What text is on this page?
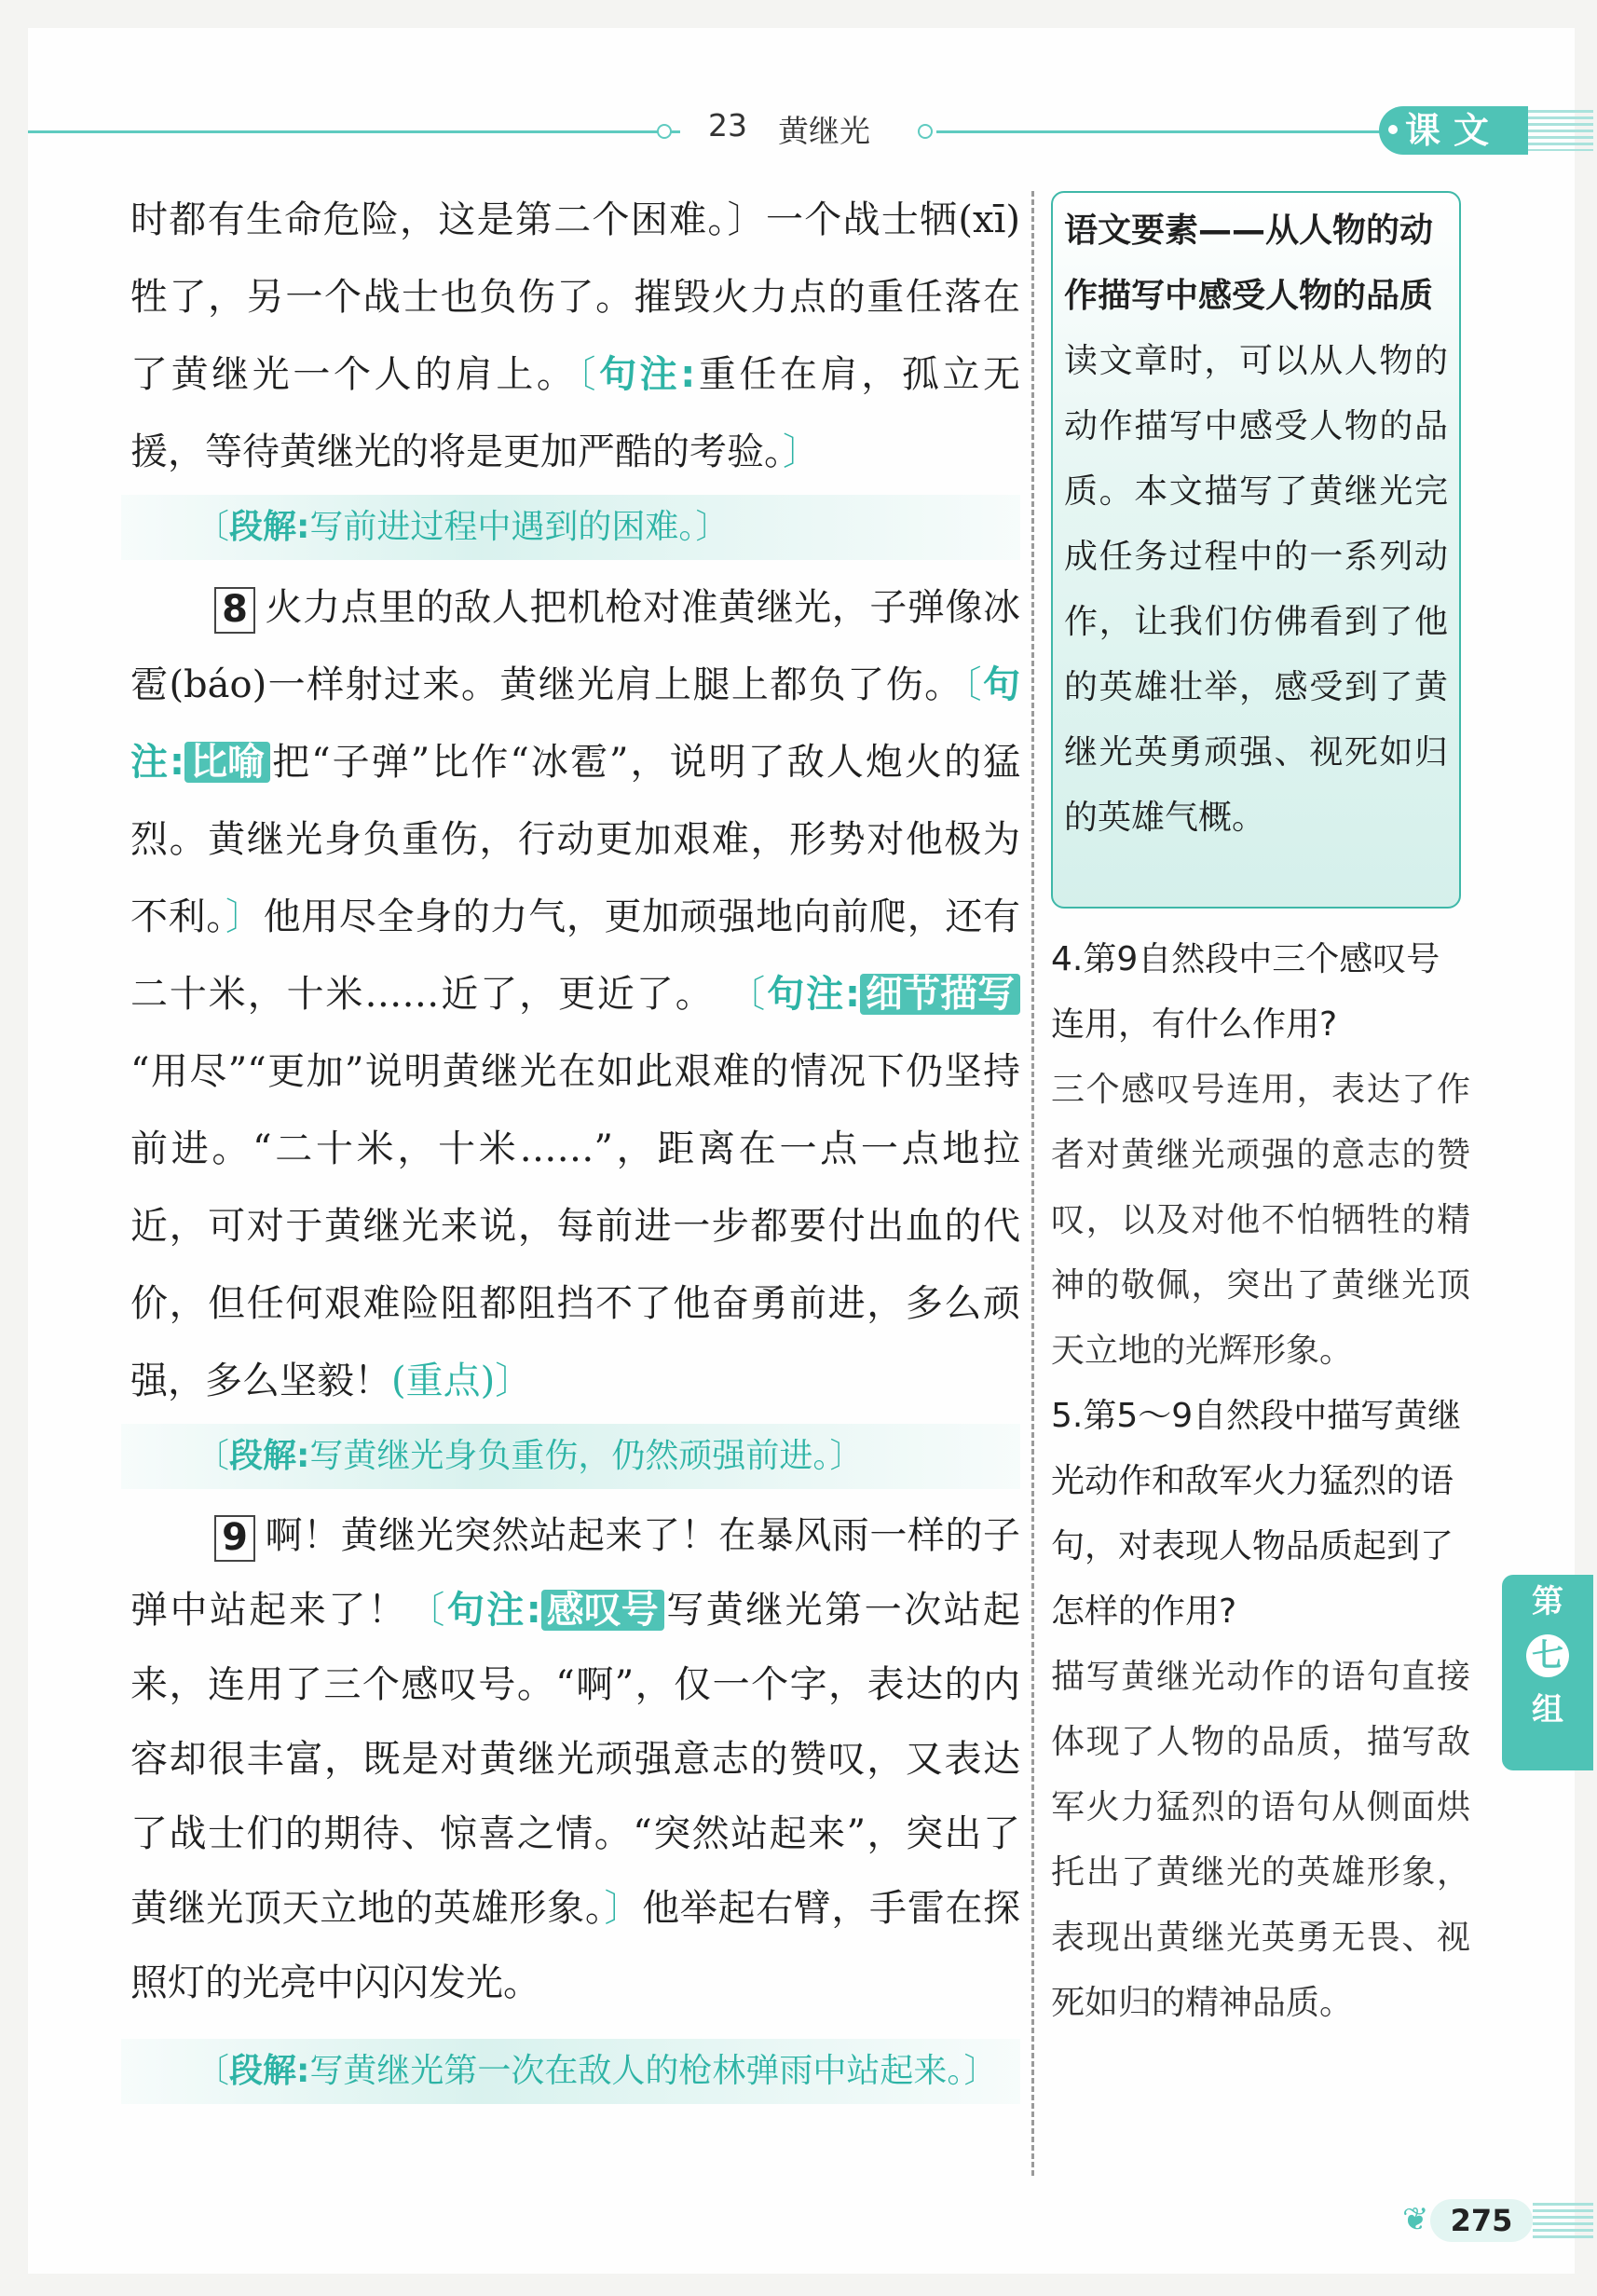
23 黄继光	课文

时都有生命危险，这是第二个困难。〕一个战士牺(xī)牲了，另一个战士也负伤了。摧毁火力点的重任落在了黄继光一个人的肩上。〔句注:重任在肩，孤立无援，等待黄继光的将是更加严酷的考验。〕

〔段解:写前进过程中遇到的困难。〕

8 火力点里的敌人把机枪对准黄继光，子弹像冰雹(báo)一样射过来。黄继光肩上腿上都负了伤。〔句注: 比喻 把“子弹”比作“冰雹”，说明了敌人炮火的猛烈。黄继光身负重伤，行动更加艰难，形势对他极为不利。〕他用尽全身的力气，更加顽强地向前爬，还有二十米，十米……近了，更近了。 〔句注: 细节描写“用尽”“更加”说明黄继光在如此艰难的情况下仍坚持前进。“二十米，十米……”，距离在一点一点地拉近，可对于黄继光来说，每前进一步都要付出血的代价，但任何艰难险阻都阻挡不了他奋勇前进，多么顽强，多么坚毅！(重点)〕

〔段解:写黄继光身负重伤，仍然顽强前进。〕

9 啊！黄继光突然站起来了！在暴风雨一样的子弹中站起来了！〔句注: 感叹号 写黄继光第一次站起来，连用了三个感叹号。“啊”，仅一个字，表达的内容却很丰富，既是对黄继光顽强意志的赞叹，又表达了战士们的期待、惊喜之情。“突然站起来”，突出了黄继光顶天立地的英雄形象。〕他举起右臂，手雷在探照灯的光亮中闪闪发光。

〔段解:写黄继光第一次在敌人的枪林弹雨中站起来。〕

语文要素——从人物的动作描写中感受人物的品质

读文章时，可以从人物的动作描写中感受人物的品质。本文描写了黄继光完成任务过程中的一系列动作，让我们仿佛看到了他的英雄壮举，感受到了黄继光英勇顽强、视死如归的英雄气概。

4.第9自然段中三个感叹号连用，有什么作用?

三个感叹号连用，表达了作者对黄继光顽强的意志的赞叹，以及对他不怕牺牲的精神的敬佩，突出了黄继光顶天立地的光辉形象。

5.第5～9自然段中描写黄继光动作和敌军火力猛烈的语句，对表现人物品质起到了怎样的作用?

描写黄继光动作的语句直接体现了人物的品质，描写敌军火力猛烈的语句从侧面烘托出了黄继光的英雄形象，表现出黄继光英勇无畏、视死如归的精神品质。

第
七
组
❦ 275
